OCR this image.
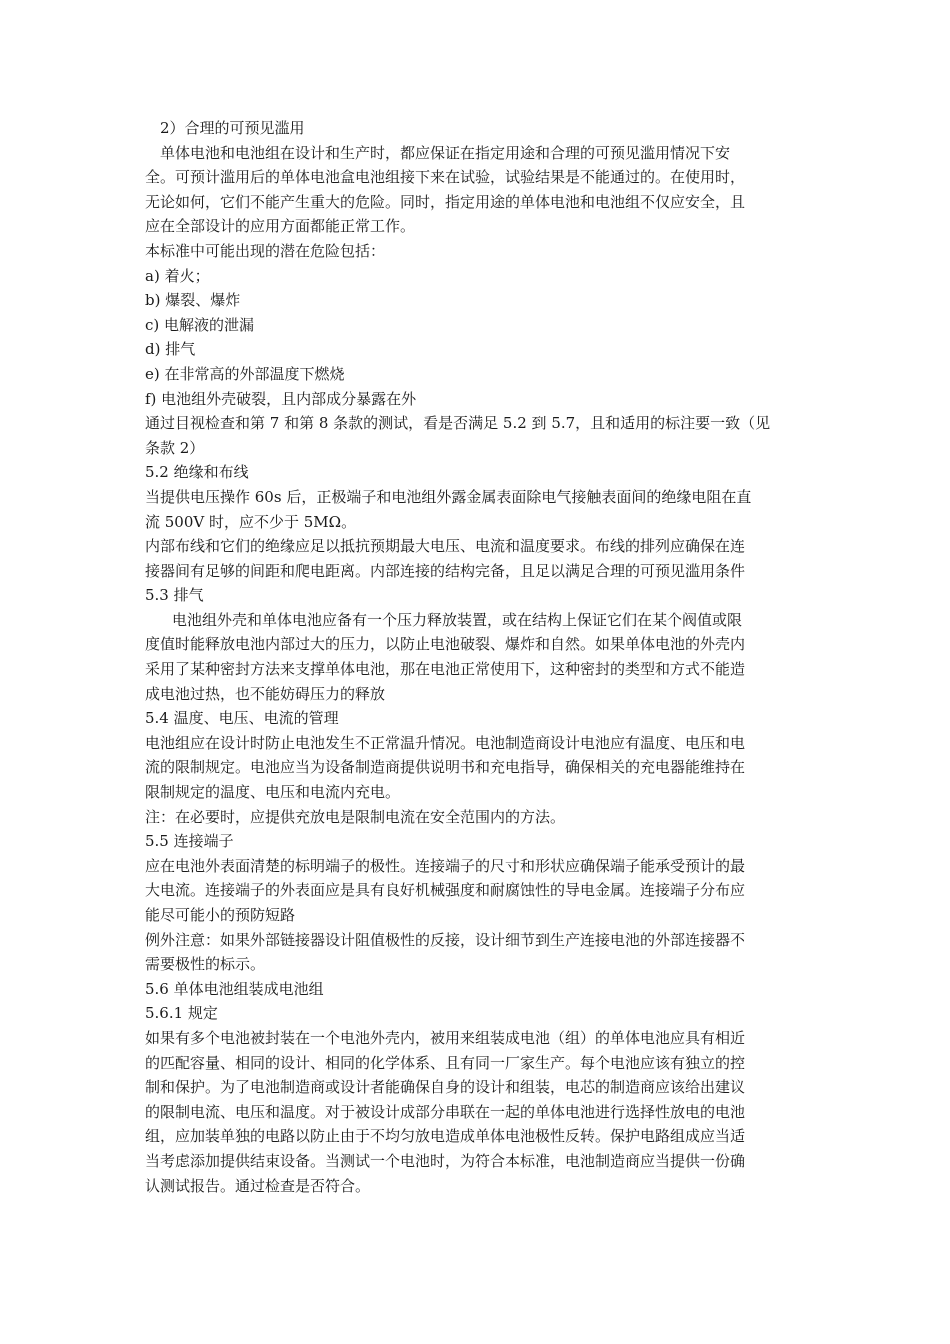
2）合理的可预见滥用
单体电池和电池组在设计和生产时，都应保证在指定用途和合理的可预见滥用情况下安
全。可预计滥用后的单体电池盒电池组接下来在试验，试验结果是不能通过的。在使用时，
无论如何，它们不能产生重大的危险。同时，指定用途的单体电池和电池组不仅应安全，且
应在全部设计的应用方面都能正常工作。
本标准中可能出现的潜在危险包括：
a) 着火；
b) 爆裂、爆炸
c) 电解液的泄漏
d) 排气
e) 在非常高的外部温度下燃烧
f) 电池组外壳破裂，且内部成分暴露在外
通过目视检查和第 7 和第 8 条款的测试，看是否满足 5.2 到 5.7，且和适用的标注要一致（见
条款 2）
5.2 绝缘和布线
当提供电压操作 60s 后，正极端子和电池组外露金属表面除电气接触表面间的绝缘电阻在直
流 500V 时，应不少于 5MΩ。
内部布线和它们的绝缘应足以抵抗预期最大电压、电流和温度要求。布线的排列应确保在连
接器间有足够的间距和爬电距离。内部连接的结构完备，且足以满足合理的可预见滥用条件
5.3 排气
电池组外壳和单体电池应备有一个压力释放装置，或在结构上保证它们在某个阀值或限
度值时能释放电池内部过大的压力，以防止电池破裂、爆炸和自然。如果单体电池的外壳内
采用了某种密封方法来支撑单体电池，那在电池正常使用下，这种密封的类型和方式不能造
成电池过热，也不能妨碍压力的释放
5.4 温度、电压、电流的管理
电池组应在设计时防止电池发生不正常温升情况。电池制造商设计电池应有温度、电压和电
流的限制规定。电池应当为设备制造商提供说明书和充电指导，确保相关的充电器能维持在
限制规定的温度、电压和电流内充电。
注：在必要时，应提供充放电是限制电流在安全范围内的方法。
5.5 连接端子
应在电池外表面清楚的标明端子的极性。连接端子的尺寸和形状应确保端子能承受预计的最
大电流。连接端子的外表面应是具有良好机械强度和耐腐蚀性的导电金属。连接端子分布应
能尽可能小的预防短路
例外注意：如果外部链接器设计阻值极性的反接，设计细节到生产连接电池的外部连接器不
需要极性的标示。
5.6 单体电池组装成电池组
5.6.1 规定
如果有多个电池被封装在一个电池外壳内，被用来组装成电池（组）的单体电池应具有相近
的匹配容量、相同的设计、相同的化学体系、且有同一厂家生产。每个电池应该有独立的控
制和保护。为了电池制造商或设计者能确保自身的设计和组装，电芯的制造商应该给出建议
的限制电流、电压和温度。对于被设计成部分串联在一起的单体电池进行选择性放电的电池
组，应加装单独的电路以防止由于不均匀放电造成单体电池极性反转。保护电路组成应当适
当考虑添加提供结束设备。当测试一个电池时，为符合本标准，电池制造商应当提供一份确
认测试报告。通过检查是否符合。
